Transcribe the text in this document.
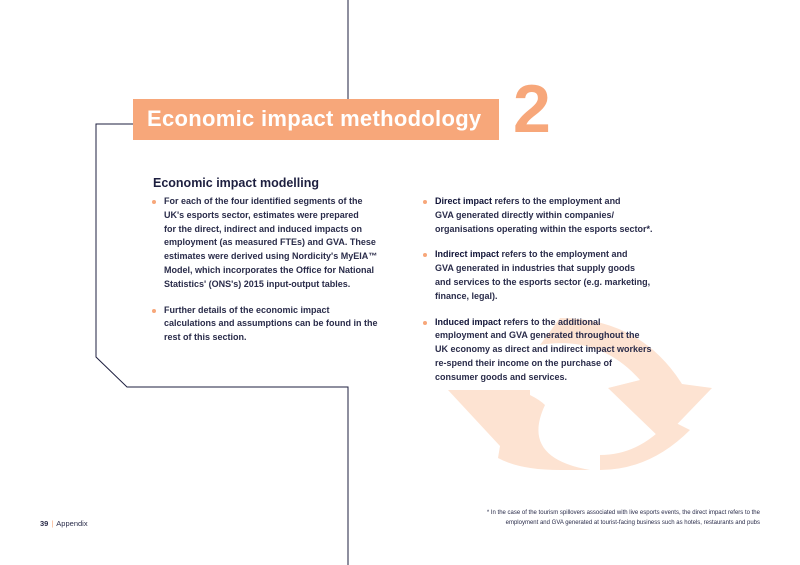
Economic impact methodology 2
Economic impact modelling
For each of the four identified segments of the
UK's esports sector, estimates were prepared
for the direct, indirect and induced impacts on
employment (as measured FTEs) and GVA. These
estimates were derived using Nordicity's MyEIA™
Model, which incorporates the Office for National
Statistics' (ONS's) 2015 input-output tables.
Further details of the economic impact
calculations and assumptions can be found in the
rest of this section.
Direct impact refers to the employment and
GVA generated directly within companies/
organisations operating within the esports sector*.
Indirect impact refers to the employment and
GVA generated in industries that supply goods
and services to the esports sector (e.g. marketing,
finance, legal).
Induced impact refers to the additional
employment and GVA generated throughout the
UK economy as direct and indirect impact workers
re-spend their income on the purchase of
consumer goods and services.
* In the case of the tourism spillovers associated with live esports events, the direct impact refers to the
employment and GVA generated at tourist-facing business such as hotels, restaurants and pubs
39 | Appendix
